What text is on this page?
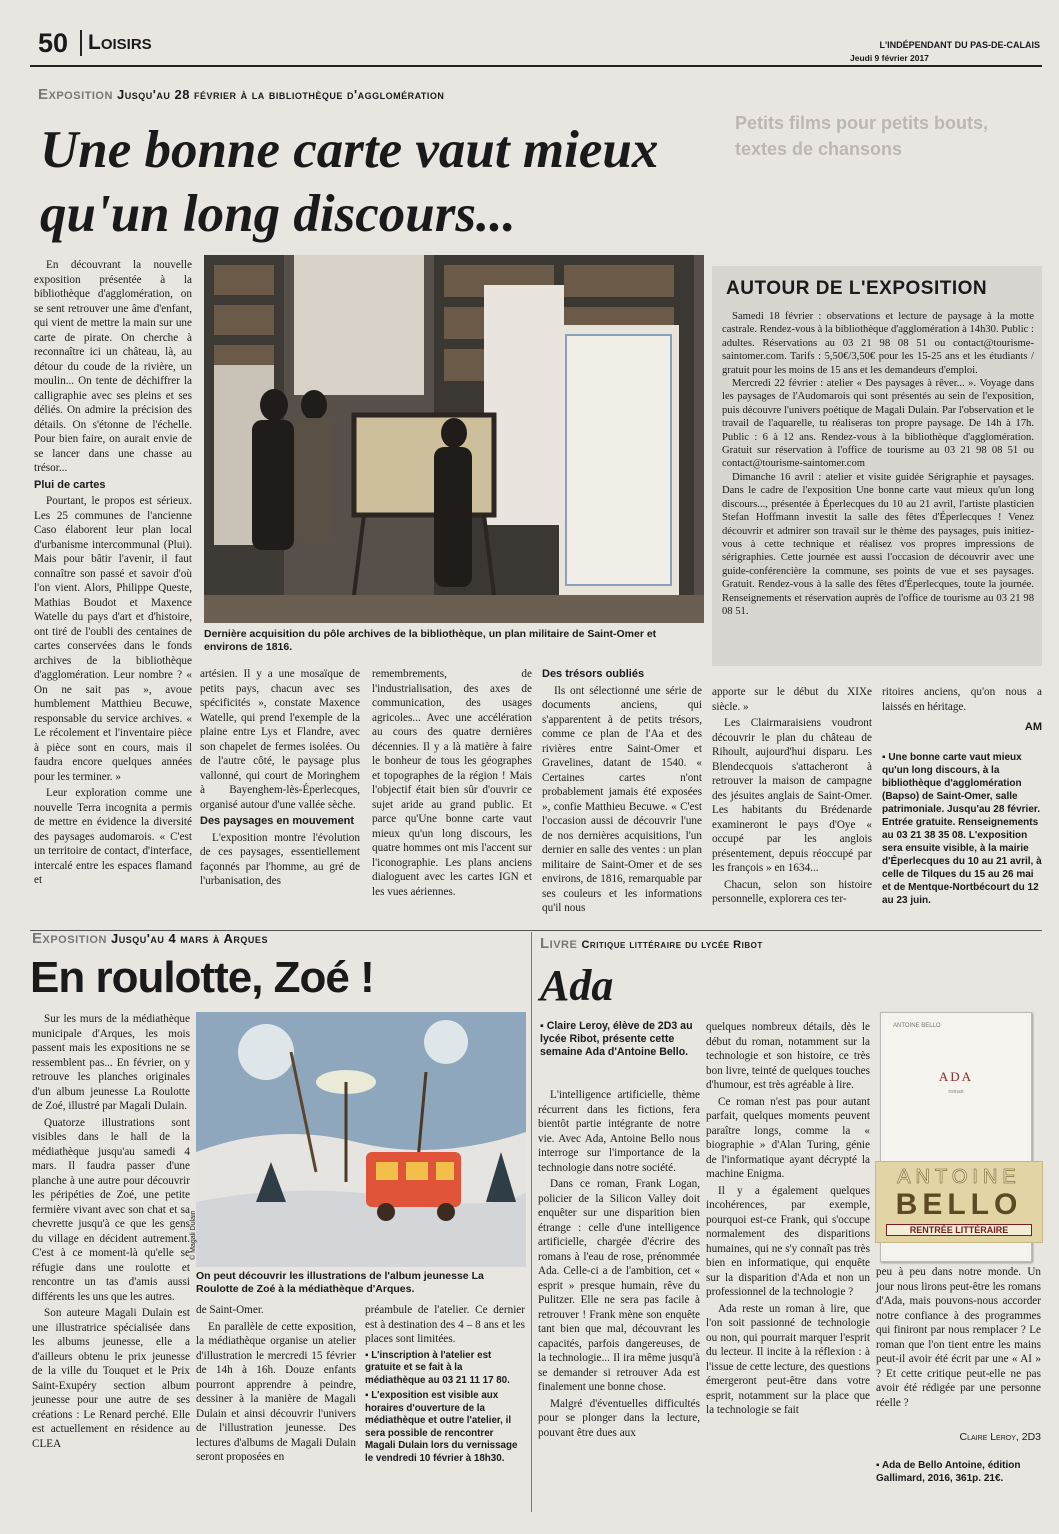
50 Loisirs	L'INDÉPENDANT DU PAS-DE-CALAIS
Jeudi 9 février 2017
Exposition Jusqu'au 28 février à la bibliothèque d'agglomération
Une bonne carte vaut mieux
qu'un long discours...
Petits films pour petits bouts, textes de chansons
Dernière acquisition du pôle archives de la bibliothèque, un plan militaire de Saint-Omer et environs de 1816.

En découvrant la nouvelle exposition présentée à la bibliothèque d'agglomération, on se sent retrouver une âme d'enfant, qui vient de mettre la main sur une carte de pirate. On cherche à reconnaître ici un château, là, au détour du coude de la rivière, un moulin... On tente de déchiffrer la calligraphie avec ses pleins et ses déliés. On admire la précision des détails. On s'étonne de l'échelle. Pour bien faire, on aurait envie de se lancer dans une chasse au trésor...

Plui de cartes

Pourtant, le propos est sérieux. Les 25 communes de l'ancienne Caso élaborent leur plan local d'urbanisme intercommunal (Plui). Mais pour bâtir l'avenir, il faut connaître son passé et savoir d'où l'on vient. Alors, Philippe Queste, Mathias Boudot et Maxence Watelle du pays d'art et d'histoire, ont tiré de l'oubli des centaines de cartes conservées dans le fonds archives de la bibliothèque d'agglomération. Leur nombre ? « On ne sait pas », avoue humblement Matthieu Becuwe, responsable du service archives. « Le récolement et l'inventaire pièce à pièce sont en cours, mais il faudra encore quelques années pour les terminer. »

Leur exploration comme une nouvelle Terra incognita a permis de mettre en évidence la diversité des paysages audomarois. « C'est un territoire de contact, d'interface, intercalé entre les espaces flamand et

artésien. Il y a une mosaïque de petits pays, chacun avec ses spécificités », constate Maxence Watelle, qui prend l'exemple de la plaine entre Lys et Flandre, avec son chapelet de fermes isolées. Ou de l'autre côté, le paysage plus vallonné, qui court de Moringhem à Bayenghem-lès-Éperlecques, organisé autour d'une vallée sèche.

Des paysages en mouvement

L'exposition montre l'évolution de ces paysages, essentiellement façonnés par l'homme, au gré de l'urbanisation, des

remembrements, de l'industrialisation, des axes de communication, des usages agricoles... Avec une accélération au cours des quatre dernières décennies. Il y a là matière à faire le bonheur de tous les géographes et topographes de la région ! Mais l'objectif était bien sûr d'ouvrir ce sujet aride au grand public. Et parce qu'Une bonne carte vaut mieux qu'un long discours, les quatre hommes ont mis l'accent sur l'iconographie. Les plans anciens dialoguent avec les cartes IGN et les vues aériennes.

Des trésors oubliés

Ils ont sélectionné une série de documents anciens, qui s'apparentent à de petits trésors, comme ce plan de l'Aa et des rivières entre Saint-Omer et Gravelines, datant de 1540. « Certaines cartes n'ont probablement jamais été exposées », confie Matthieu Becuwe. « C'est l'occasion aussi de découvrir l'une de nos dernières acquisitions, l'un dernier en salle des ventes : un plan militaire de Saint-Omer et de ses environs, de 1816, remarquable par ses couleurs et les informations qu'il nous

apporte sur le début du XIXe siècle. »

Les Clairmaraisiens voudront découvrir le plan du château de Rihoult, aujourd'hui disparu. Les Blendecquois s'attacheront à retrouver la maison de campagne des jésuites anglais de Saint-Omer. Les habitants du Brédenarde examineront le pays d'Oye « occupé par les anglois présentement, depuis réoccupé par les françois » en 1634...

Chacun, selon son histoire personnelle, explorera ces ter-

ritoires anciens, qu'on nous a laissés en héritage.

AM
▪ Une bonne carte vaut mieux qu'un long discours, à la bibliothèque d'agglomération (Bapso) de Saint-Omer, salle patrimoniale. Jusqu'au 28 février. Entrée gratuite. Renseignements au 03 21 38 35 08. L'exposition sera ensuite visible, à la mairie d'Éperlecques du 10 au 21 avril, à celle de Tilques du 15 au 26 mai et de Mentque-Nortbécourt du 12 au 23 juin.
AUTOUR DE L'EXPOSITION

Samedi 18 février : observations et lecture de paysage à la motte castrale. Rendez-vous à la bibliothèque d'agglomération à 14h30. Public : adultes. Réservations au 03 21 98 08 51 ou contact@tourisme-saintomer.com. Tarifs : 5,50€/3,50€ pour les 15-25 ans et les étudiants / gratuit pour les moins de 15 ans et les demandeurs d'emploi.

Mercredi 22 février : atelier « Des paysages à rêver... ». Voyage dans les paysages de l'Audomarois qui sont présentés au sein de l'exposition, puis découvre l'univers poétique de Magali Dulain. Par l'observation et le travail de l'aquarelle, tu réaliseras ton propre paysage. De 14h à 17h. Public : 6 à 12 ans. Rendez-vous à la bibliothèque d'agglomération. Gratuit sur réservation à l'office de tourisme au 03 21 98 08 51 ou contact@tourisme-saintomer.com

Dimanche 16 avril : atelier et visite guidée Sérigraphie et paysages. Dans le cadre de l'exposition Une bonne carte vaut mieux qu'un long discours..., présentée à Éperlecques du 10 au 21 avril, l'artiste plasticien Stefan Hoffmann investit la salle des fêtes d'Éperlecques ! Venez découvrir et admirer son travail sur le thème des paysages, puis initiez-vous à cette technique et réalisez vos propres impressions de sérigraphies. Cette journée est aussi l'occasion de découvrir avec une guide-conférencière la commune, ses points de vue et ses paysages. Gratuit. Rendez-vous à la salle des fêtes d'Éperlecques, toute la journée. Renseignements et réservation auprès de l'office de tourisme au 03 21 98 08 51.

Exposition Jusqu'au 4 mars à Arques
En roulotte, Zoé !

Sur les murs de la médiathèque municipale d'Arques, les mois passent mais les expositions ne se ressemblent pas... En février, on y retrouve les planches originales d'un album jeunesse La Roulotte de Zoé, illustré par Magali Dulain.

Quatorze illustrations sont visibles dans le hall de la médiathèque jusqu'au samedi 4 mars. Il faudra passer d'une planche à une autre pour découvrir les péripéties de Zoé, une petite fermière vivant avec son chat et sa chevrette jusqu'à ce que les gens du village en décident autrement. C'est à ce moment-là qu'elle se réfugie dans une roulotte et rencontre un tas d'amis aussi différents les uns que les autres.

Son auteure Magali Dulain est une illustratrice spécialisée dans les albums jeunesse, elle a d'ailleurs obtenu le prix jeunesse de la ville du Touquet et le Prix Saint-Exupéry section album jeunesse pour une autre de ses créations : Le Renard perché. Elle est actuellement en résidence au CLEA

© Magali Dulain
On peut découvrir les illustrations de l'album jeunesse La Roulotte de Zoé à la médiathèque d'Arques.

de Saint-Omer.

En parallèle de cette exposition, la médiathèque organise un atelier d'illustration le mercredi 15 février de 14h à 16h. Douze enfants pourront apprendre à peindre, dessiner à la manière de Magali Dulain et ainsi découvrir l'univers de l'illustration jeunesse. Des lectures d'albums de Magali Dulain seront proposées en

préambule de l'atelier. Ce dernier est à destination des 4 – 8 ans et les places sont limitées.

▪ L'inscription à l'atelier est gratuite et se fait à la médiathèque au 03 21 11 17 80.
▪ L'exposition est visible aux horaires d'ouverture de la médiathèque et outre l'atelier, il sera possible de rencontrer Magali Dulain lors du vernissage le vendredi 10 février à 18h30.
Livre Critique littéraire du lycée Ribot
Ada
▪ Claire Leroy, élève de 2D3 au lycée Ribot, présente cette semaine Ada d'Antoine Bello.

L'intelligence artificielle, thème récurrent dans les fictions, fera bientôt partie intégrante de notre vie. Avec Ada, Antoine Bello nous interroge sur l'importance de la technologie dans notre société.

Dans ce roman, Frank Logan, policier de la Silicon Valley doit enquêter sur une disparition bien étrange : celle d'une intelligence artificielle, chargée d'écrire des romans à l'eau de rose, prénommée Ada. Celle-ci a de l'ambition, cet « esprit » presque humain, rêve du Pulitzer. Elle ne sera pas facile à retrouver ! Frank mène son enquête tant bien que mal, découvrant les capacités, parfois dangereuses, de la technologie... Il ira même jusqu'à se demander si retrouver Ada est finalement une bonne chose.

Malgré d'éventuelles difficultés pour se plonger dans la lecture, pouvant être dues aux

quelques nombreux détails, dès le début du roman, notamment sur la technologie et son histoire, ce très bon livre, teinté de quelques touches d'humour, est très agréable à lire.

Ce roman n'est pas pour autant parfait, quelques moments peuvent paraître longs, comme la « biographie » d'Alan Turing, génie de l'informatique ayant décrypté la machine Enigma.

Il y a également quelques incohérences, par exemple, pourquoi est-ce Frank, qui s'occupe normalement des disparitions humaines, qui ne s'y connaît pas très bien en informatique, qui enquête sur la disparition d'Ada et non un professionnel de la technologie ?

Ada reste un roman à lire, que l'on soit passionné de technologie ou non, qui pourrait marquer l'esprit du lecteur. Il incite à la réflexion : à l'issue de cette lecture, des questions émergeront peut-être dans votre esprit, notamment sur la place que la technologie se fait

ANTOINE BELLO
ADA
roman
ANTOINE
BELLO
RENTRÉE LITTÉRAIRE

peu à peu dans notre monde. Un jour nous lirons peut-être les romans d'Ada, mais pouvons-nous accorder notre confiance à des programmes qui finiront par nous remplacer ? Le roman que l'on tient entre les mains peut-il avoir été écrit par une « AI » ? Et cette critique peut-elle ne pas avoir été rédigée par une personne réelle ?

Claire Leroy, 2D3
▪ Ada de Bello Antoine, édition Gallimard, 2016, 361p. 21€.
